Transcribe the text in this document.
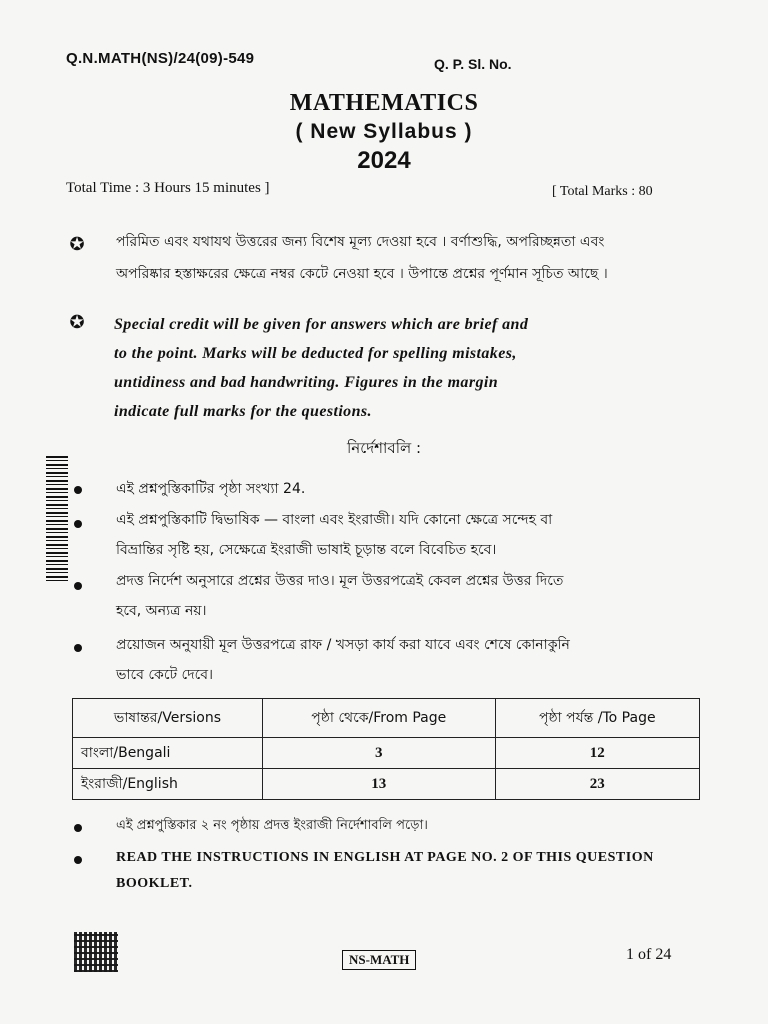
Q.N.MATH(NS)/24(09)-549	Q. P. Sl. No.
MATHEMATICS
( New Syllabus )
2024
Total Time : 3 Hours 15 minutes ]	[ Total Marks : 80
✪ পরিমিত এবং যথাযথ উত্তরের জন্য বিশেষ মূল্য দেওয়া হবে । বর্ণাশুদ্ধি, অপরিচ্ছন্নতা এবং
অপরিষ্কার হস্তাক্ষরের ক্ষেত্রে নম্বর কেটে নেওয়া হবে । উপান্তে প্রশ্নের পূর্ণমান সূচিত আছে ।
✪ Special credit will be given for answers which are brief and
to the point. Marks will be deducted for spelling mistakes,
untidiness and bad handwriting. Figures in the margin
indicate full marks for the questions.
নির্দেশাবলি :
এই প্রশ্নপুস্তিকাটির পৃষ্ঠা সংখ্যা 24.
এই প্রশ্নপুস্তিকাটি দ্বিভাষিক — বাংলা এবং ইংরাজী। যদি কোনো ক্ষেত্রে সন্দেহ বা
বিভ্রান্তির সৃষ্টি হয়, সেক্ষেত্রে ইংরাজী ভাষাই চূড়ান্ত বলে বিবেচিত হবে।
প্রদত্ত নির্দেশ অনুসারে প্রশ্নের উত্তর দাও। মূল উত্তরপত্রেই কেবল প্রশ্নের উত্তর দিতে
হবে, অন্যত্র নয়।
প্রয়োজন অনুযায়ী মূল উত্তরপত্রে রাফ / খসড়া কার্য করা যাবে এবং শেষে কোনাকুনি
ভাবে কেটে দেবে।
ভাষান্তর/Versions	পৃষ্ঠা থেকে/From Page	পৃষ্ঠা পর্যন্ত /To Page
বাংলা/Bengali	3	12
ইংরাজী/English	13	23
এই প্রশ্নপুস্তিকার ২ নং পৃষ্ঠায় প্রদত্ত ইংরাজী নির্দেশাবলি পড়ো।
READ THE INSTRUCTIONS IN ENGLISH AT PAGE NO. 2 OF THIS QUESTION BOOKLET.
NS-MATH	1 of 24
